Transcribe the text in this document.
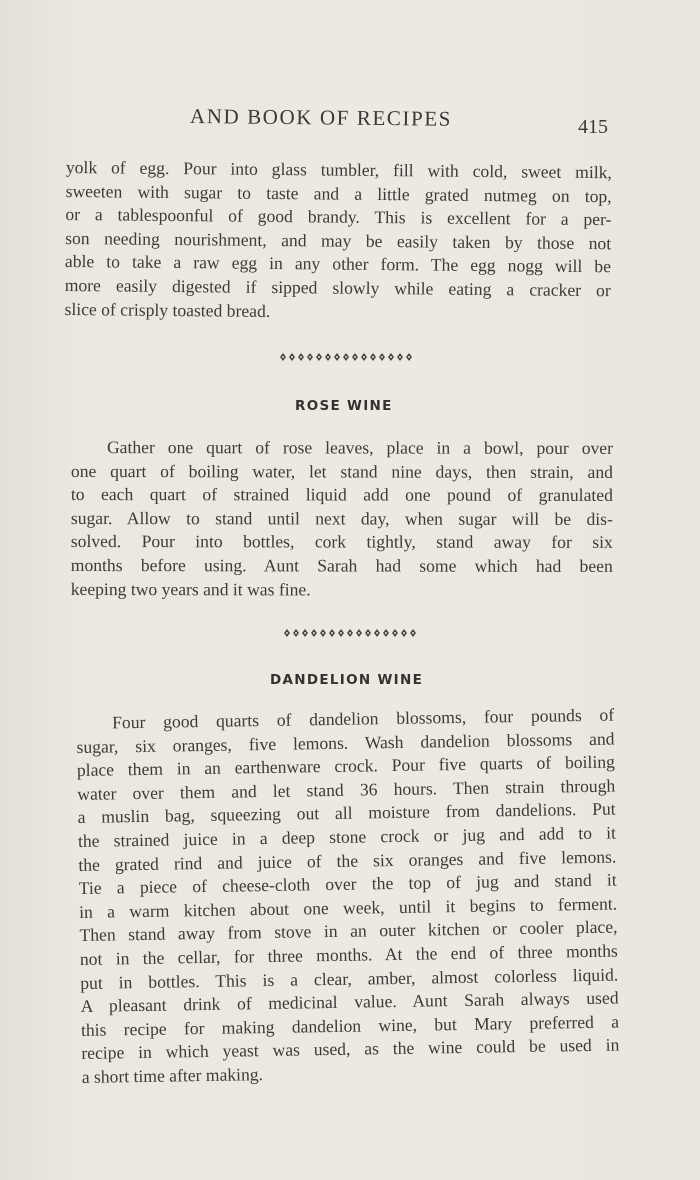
AND BOOK OF RECIPES	415
yolk of egg. Pour into glass tumbler, fill with cold, sweet milk,
sweeten with sugar to taste and a little grated nutmeg on top,
or a tablespoonful of good brandy. This is excellent for a per-
son needing nourishment, and may be easily taken by those not
able to take a raw egg in any other form. The egg nogg will be
more easily digested if sipped slowly while eating a cracker or
slice of crisply toasted bread.
ROSE WINE
Gather one quart of rose leaves, place in a bowl, pour over
one quart of boiling water, let stand nine days, then strain, and
to each quart of strained liquid add one pound of granulated
sugar. Allow to stand until next day, when sugar will be dis-
solved. Pour into bottles, cork tightly, stand away for six
months before using. Aunt Sarah had some which had been
keeping two years and it was fine.
DANDELION WINE
Four good quarts of dandelion blossoms, four pounds of
sugar, six oranges, five lemons. Wash dandelion blossoms and
place them in an earthenware crock. Pour five quarts of boiling
water over them and let stand 36 hours. Then strain through
a muslin bag, squeezing out all moisture from dandelions. Put
the strained juice in a deep stone crock or jug and add to it
the grated rind and juice of the six oranges and five lemons.
Tie a piece of cheese-cloth over the top of jug and stand it
in a warm kitchen about one week, until it begins to ferment.
Then stand away from stove in an outer kitchen or cooler place,
not in the cellar, for three months. At the end of three months
put in bottles. This is a clear, amber, almost colorless liquid.
A pleasant drink of medicinal value. Aunt Sarah always used
this recipe for making dandelion wine, but Mary preferred a
recipe in which yeast was used, as the wine could be used in
a short time after making.
